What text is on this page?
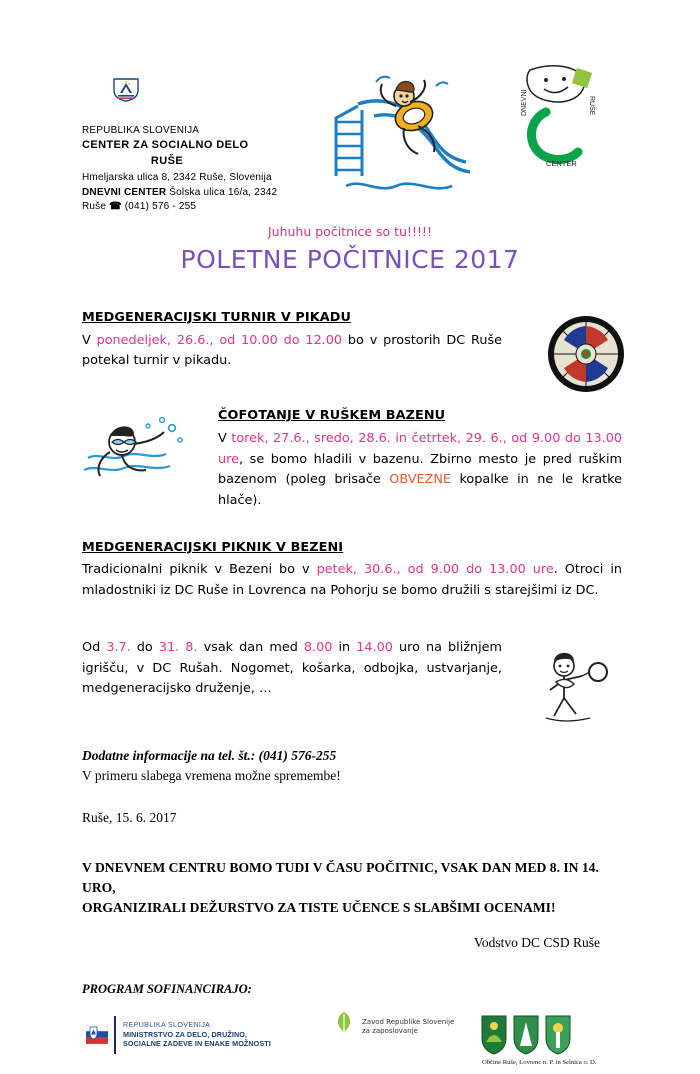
REPUBLIKA SLOVENIJA
CENTER ZA SOCIALNO DELO
RUŠE
Hmeljarska ulica 8, 2342 Ruše, Slovenija
DNEVNI CENTER Šolska ulica 16/a, 2342
Ruše ☎ (041) 576 - 255
RUŠE
DNEVNI
CENTER
Juhuhu počitnice so tu!!!!!
POLETNE POČITNICE 2017
MEDGENERACIJSKI TURNIR V PIKADU
V ponedeljek, 26.6., od 10.00 do 12.00 bo v prostorih DC Ruše potekal turnir v pikadu.
ČOFOTANJE V RUŠKEM BAZENU
V torek, 27.6., sredo, 28.6. in četrtek, 29. 6., od 9.00 do 13.00 ure, se bomo hladili v bazenu. Zbirno mesto je pred ruškim bazenom (poleg brisače OBVEZNE kopalke in ne le kratke hlače).
MEDGENERACIJSKI PIKNIK V BEZENI
Tradicionalni piknik v Bezeni bo v petek, 30.6., od 9.00 do 13.00 ure. Otroci in mladostniki iz DC Ruše in Lovrenca na Pohorju se bomo družili s starejšimi iz DC.
Od 3.7. do 31. 8. vsak dan med 8.00 in 14.00 uro na bližnjem igrišču, v DC Rušah. Nogomet, košarka, odbojka, ustvarjanje, medgeneracijsko druženje, …
Dodatne informacije na tel. št.: (041) 576-255
V primeru slabega vremena možne spremembe!
Ruše, 15. 6. 2017
V DNEVNEM CENTRU BOMO TUDI V ČASU POČITNIC, VSAK DAN MED 8. IN 14. URO,
ORGANIZIRALI DEŽURSTVO ZA TISTE UČENCE S SLABŠIMI OCENAMI!
Vodstvo DC CSD Ruše
PROGRAM SOFINANCIRAJO:
REPUBLIKA SLOVENIJA
MINISTRSTVO ZA DELO, DRUŽINO,
SOCIALNE ZADEVE IN ENAKE MOŽNOSTI
Zavod Republike Slovenije
za zaposlovanje
Občine Ruše, Lovrenc n. P. in Selnica o. D.
